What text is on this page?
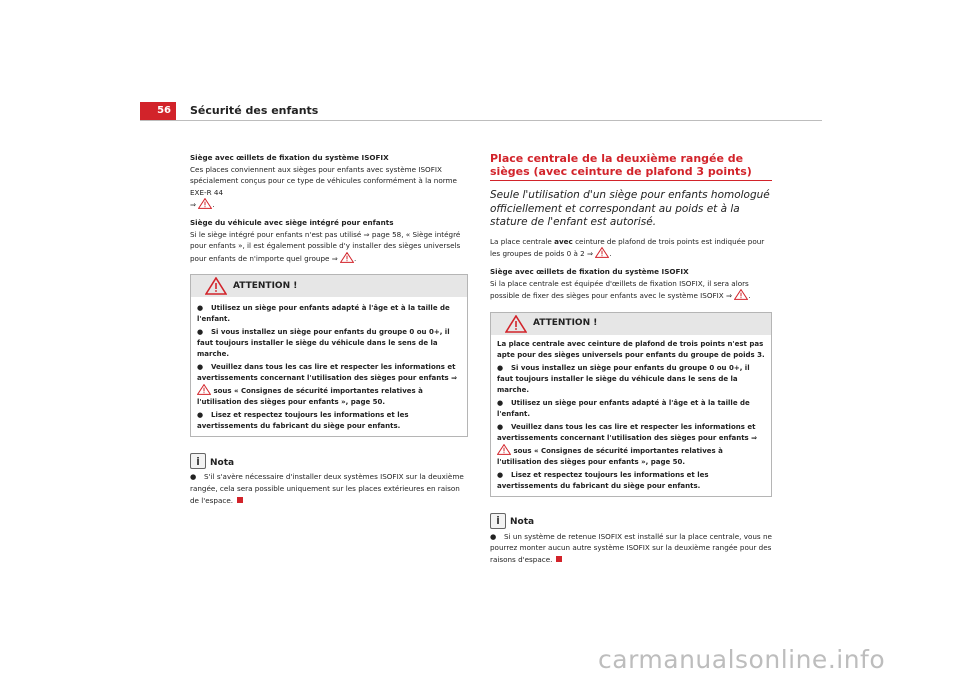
56	Sécurité des enfants

Siège avec œillets de fixation du système ISOFIX

Ces places conviennent aux sièges pour enfants avec système ISOFIX spécialement conçus pour ce type de véhicules conformément à la norme EXE-R 44
⇒ .

Siège du véhicule avec siège intégré pour enfants

Si le siège intégré pour enfants n'est pas utilisé ⇒ page 58, « Siège intégré pour enfants », il est également possible d'y installer des sièges universels pour enfants de n'importe quel groupe ⇒ .

ATTENTION !
● Utilisez un siège pour enfants adapté à l'âge et à la taille de l'enfant.
● Si vous installez un siège pour enfants du groupe 0 ou 0+, il faut toujours installer le siège du véhicule dans le sens de la marche.
● Veuillez dans tous les cas lire et respecter les informations et avertissements concernant l'utilisation des sièges pour enfants ⇒
sous « Consignes de sécurité importantes relatives à l'utilisation des sièges pour enfants », page 50.
● Lisez et respectez toujours les informations et les avertissements du fabricant du siège pour enfants.
i	Nota

● S'il s'avère nécessaire d'installer deux systèmes ISOFIX sur la deuxième rangée, cela sera possible uniquement sur les places extérieures en raison de l'espace.

Place centrale de la deuxième rangée de sièges (avec ceinture de plafond 3 points)
Seule l'utilisation d'un siège pour enfants homologué officiellement et correspondant au poids et à la stature de l'enfant est autorisé.

La place centrale avec ceinture de plafond de trois points est indiquée pour les groupes de poids 0 à 2 ⇒ .

Siège avec œillets de fixation du système ISOFIX

Si la place centrale est équipée d'œillets de fixation ISOFIX, il sera alors possible de fixer des sièges pour enfants avec le système ISOFIX ⇒ .

ATTENTION !
La place centrale avec ceinture de plafond de trois points n'est pas apte pour des sièges universels pour enfants du groupe de poids 3.
● Si vous installez un siège pour enfants du groupe 0 ou 0+, il faut toujours installer le siège du véhicule dans le sens de la marche.
● Utilisez un siège pour enfants adapté à l'âge et à la taille de l'enfant.
● Veuillez dans tous les cas lire et respecter les informations et avertissements concernant l'utilisation des sièges pour enfants ⇒
sous « Consignes de sécurité importantes relatives à l'utilisation des sièges pour enfants », page 50.
● Lisez et respectez toujours les informations et les avertissements du fabricant du siège pour enfants.
i	Nota

● Si un système de retenue ISOFIX est installé sur la place centrale, vous ne pourrez monter aucun autre système ISOFIX sur la deuxième rangée pour des raisons d'espace.

carmanualsonline.info
